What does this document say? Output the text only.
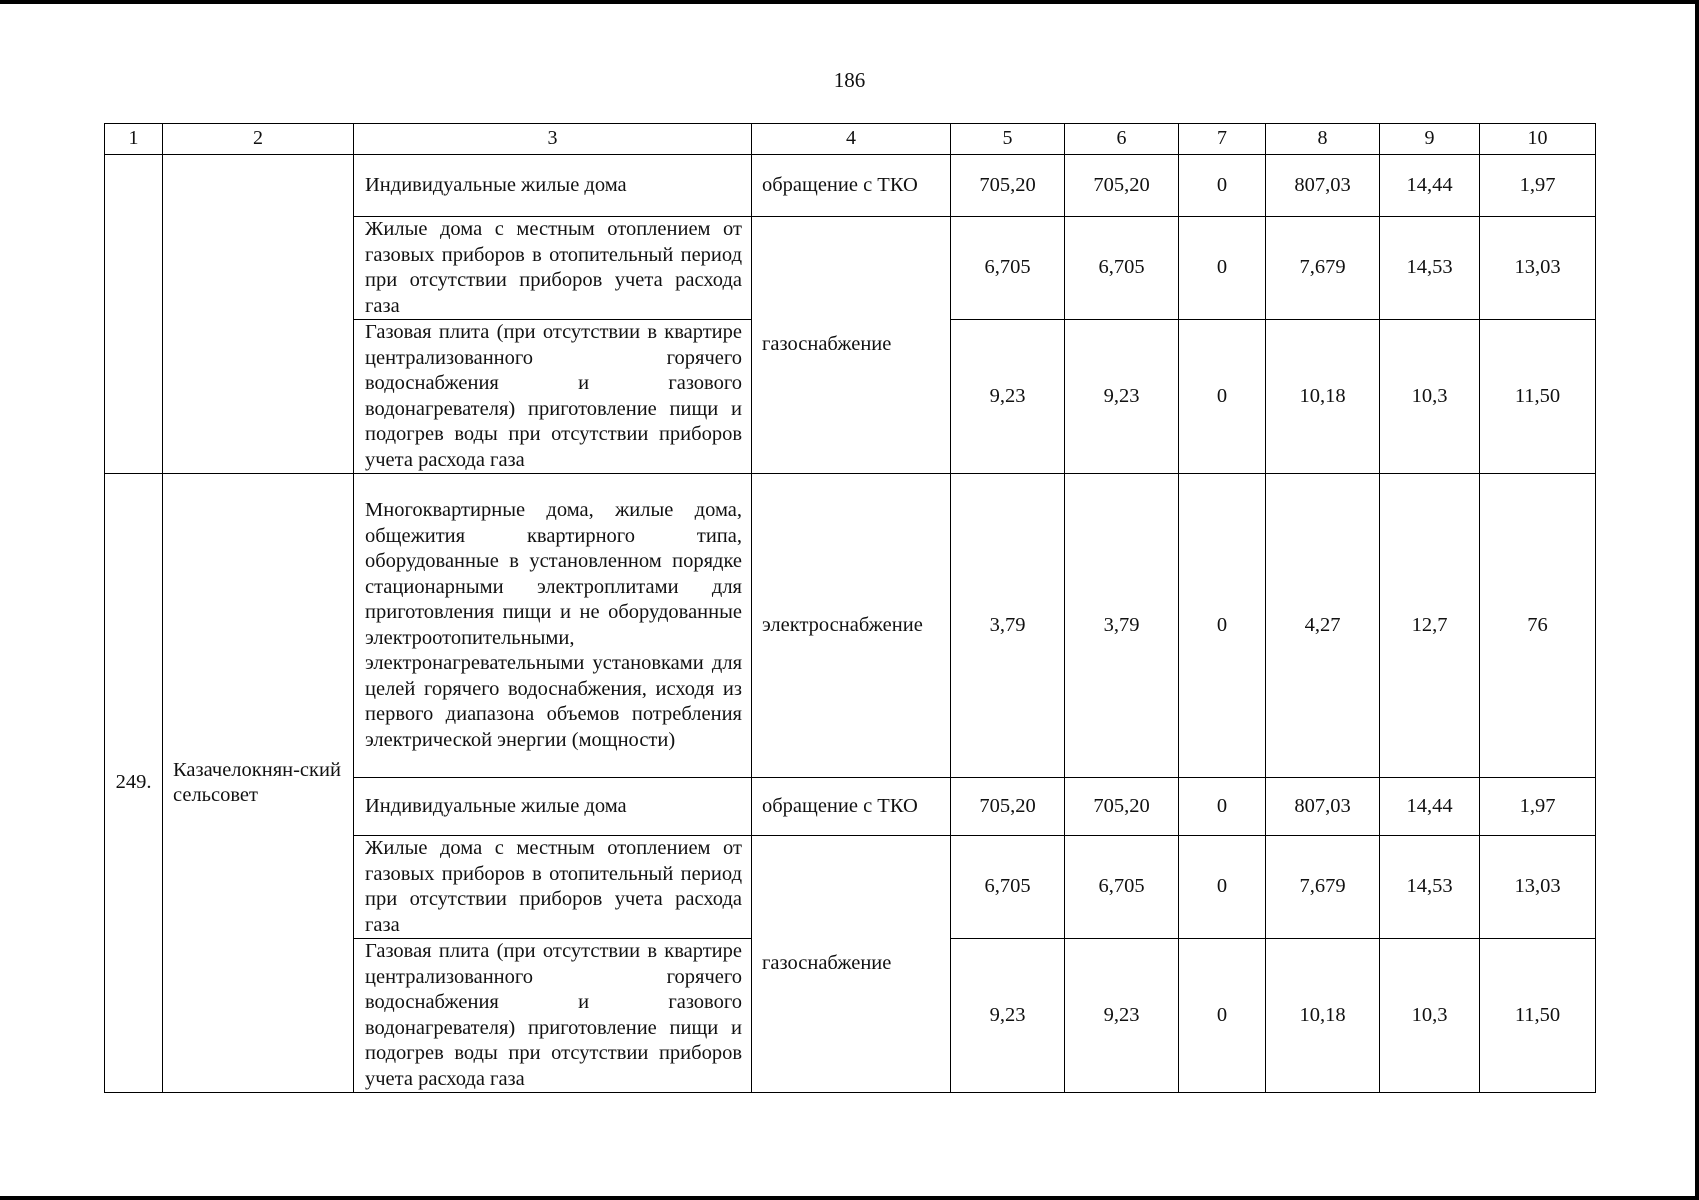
186
1	2	3	4	5	6	7	8	9	10
		Индивидуальные жилые дома	обращение с ТКО	705,20	705,20	0	807,03	14,44	1,97
		Жилые дома с местным отоплением от газовых приборов в отопительный период при отсутствии приборов учета расхода газа	газоснабжение	6,705	6,705	0	7,679	14,53	13,03
		Газовая плита (при отсутствии в квартире централизованного горячего водоснабжения и газового водонагревателя) приготовление пищи и подогрев воды при отсутствии приборов учета расхода газа		9,23	9,23	0	10,18	10,3	11,50
249.	Казачелокнян-ский сельсовет	Многоквартирные дома, жилые дома, общежития квартирного типа, оборудованные в установленном порядке стационарными электроплитами для приготовления пищи и не оборудованные электроотопительными, электронагревательными установками для целей горячего водоснабжения, исходя из первого диапазона объемов потребления электрической энергии (мощности)	электроснабжение	3,79	3,79	0	4,27	12,7	76
		Индивидуальные жилые дома	обращение с ТКО	705,20	705,20	0	807,03	14,44	1,97
		Жилые дома с местным отоплением от газовых приборов в отопительный период при отсутствии приборов учета расхода газа	газоснабжение	6,705	6,705	0	7,679	14,53	13,03
		Газовая плита (при отсутствии в квартире централизованного горячего водоснабжения и газового водонагревателя) приготовление пищи и подогрев воды при отсутствии приборов учета расхода газа		9,23	9,23	0	10,18	10,3	11,50
